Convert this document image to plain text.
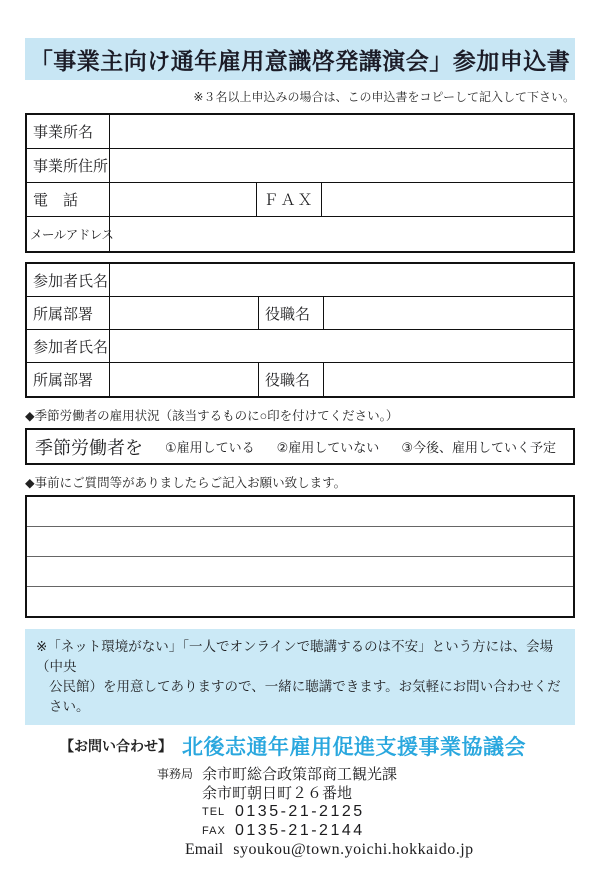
「事業主向け通年雇用意識啓発講演会」参加申込書
※３名以上申込みの場合は、この申込書をコピーして記入して下さい。
事業所名
事業所住所
電　話	ＦＡＸ
メールアドレス
参加者氏名
所属部署	役職名
参加者氏名
所属部署	役職名
◆季節労働者の雇用状況（該当するものに○印を付けてください。）
季節労働者を ①雇用している ②雇用していない ③今後、雇用していく予定
◆事前にご質問等がありましたらご記入お願い致します。
※「ネット環境がない」「一人でオンラインで聴講するのは不安」という方には、会場（中央
公民館）を用意してありますので、一緒に聴講できます。お気軽にお問い合わせください。
【お問い合わせ】 北後志通年雇用促進支援事業協議会
事務局 余市町総合政策部商工観光課
余市町朝日町２６番地
TEL 0135-21-2125
FAX 0135-21-2144
Email syoukou@town.yoichi.hokkaido.jp
